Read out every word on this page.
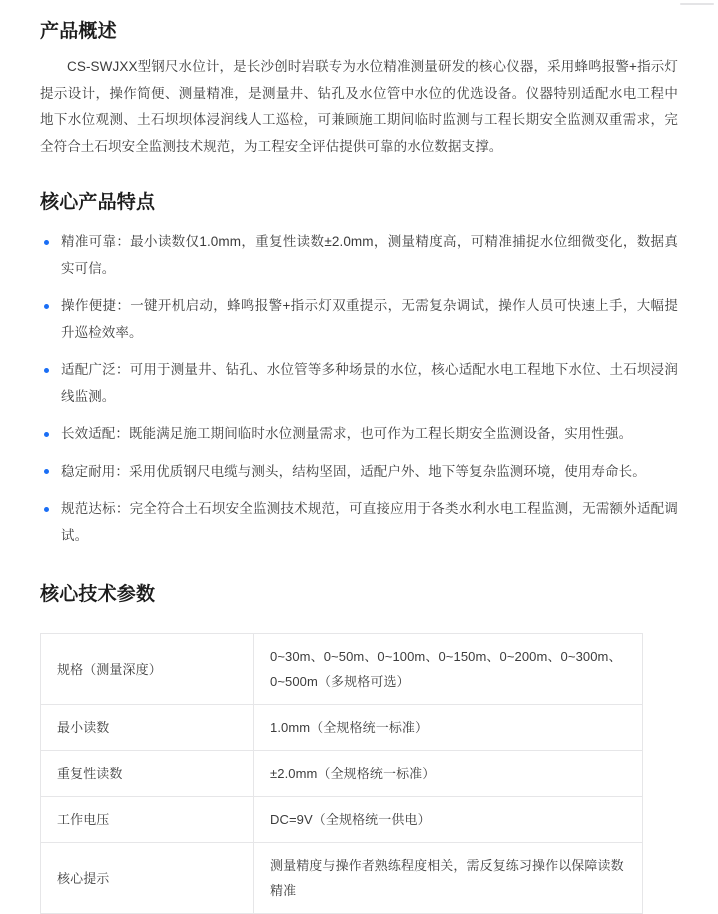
产品概述

CS-SWJXX型钢尺水位计，是长沙创时岩联专为水位精准测量研发的核心仪器，采用蜂鸣报警+指示灯提示设计，操作简便、测量精准，是测量井、钻孔及水位管中水位的优选设备。仪器特别适配水电工程中地下水位观测、土石坝坝体浸润线人工巡检，可兼顾施工期间临时监测与工程长期安全监测双重需求，完全符合土石坝安全监测技术规范，为工程安全评估提供可靠的水位数据支撑。

核心产品特点
精准可靠：最小读数仅1.0mm，重复性读数±2.0mm，测量精度高，可精准捕捉水位细微变化，数据真实可信。
操作便捷：一键开机启动，蜂鸣报警+指示灯双重提示，无需复杂调试，操作人员可快速上手，大幅提升巡检效率。
适配广泛：可用于测量井、钻孔、水位管等多种场景的水位，核心适配水电工程地下水位、土石坝浸润线监测。
长效适配：既能满足施工期间临时水位测量需求，也可作为工程长期安全监测设备，实用性强。
稳定耐用：采用优质钢尺电缆与测头，结构坚固，适配户外、地下等复杂监测环境，使用寿命长。
规范达标：完全符合土石坝安全监测技术规范，可直接应用于各类水利水电工程监测，无需额外适配调试。
核心技术参数
规格（测量深度）	0~30m、0~50m、0~100m、0~150m、0~200m、0~300m、0~500m（多规格可选）
最小读数	1.0mm（全规格统一标准）
重复性读数	±2.0mm（全规格统一标准）
工作电压	DC=9V（全规格统一供电）
核心提示	测量精度与操作者熟练程度相关，需反复练习操作以保障读数精准
